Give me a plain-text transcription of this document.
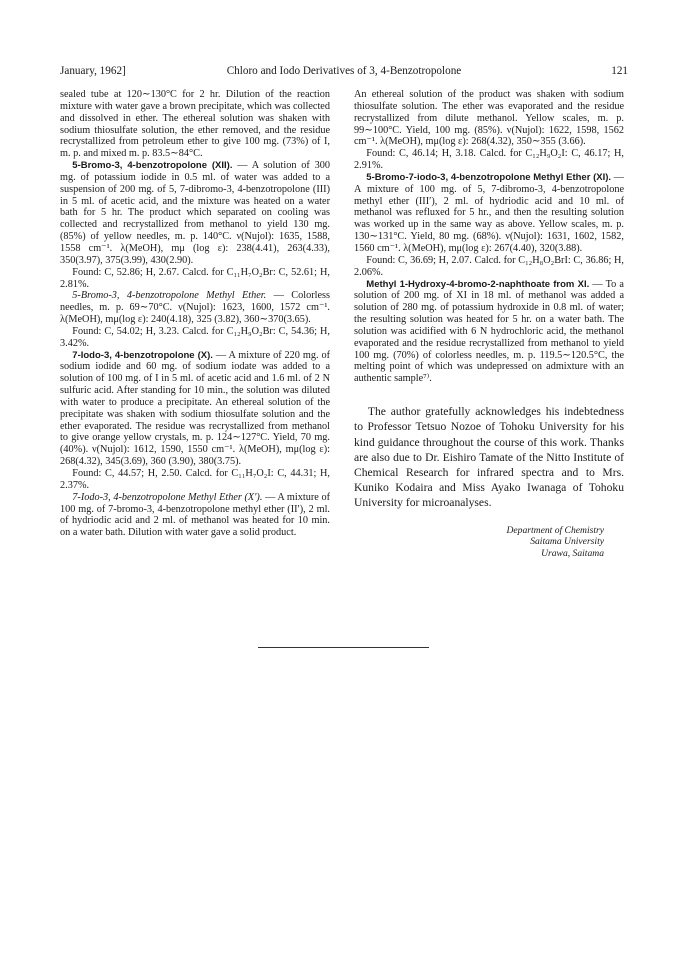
January, 1962]	Chloro and Iodo Derivatives of 3, 4-Benzotropolone	121

sealed tube at 120∼130°C for 2 hr. Dilution of the reaction mixture with water gave a brown precipitate, which was collected and dissolved in ether. The ethereal solution was shaken with sodium thiosulfate solution, the ether removed, and the residue recrystallized from petroleum ether to give 100 mg. (73%) of I, m. p. and mixed m. p. 83.5∼84°C.

5-Bromo-3, 4-benzotropolone (XII). — A solution of 300 mg. of potassium iodide in 0.5 ml. of water was added to a suspension of 200 mg. of 5, 7-dibromo-3, 4-benzotropolone (III) in 5 ml. of acetic acid, and the mixture was heated on a water bath for 5 hr. The product which separated on cooling was collected and recrystallized from methanol to yield 130 mg. (85%) of yellow needles, m. p. 140°C. ν(Nujol): 1635, 1588, 1558 cm⁻¹. λ(MeOH), mμ (log ε): 238(4.41), 263(4.33), 350(3.97), 375(3.99), 430(2.90).

Found: C, 52.86; H, 2.67. Calcd. for C₁₁H₇O₂Br: C, 52.61; H, 2.81%.

5-Bromo-3, 4-benzotropolone Methyl Ether. — Colorless needles, m. p. 69∼70°C. ν(Nujol): 1623, 1600, 1572 cm⁻¹. λ(MeOH), mμ(log ε): 240(4.18), 325 (3.82), 360∼370(3.65).

Found: C, 54.02; H, 3.23. Calcd. for C₁₂H₉O₂Br: C, 54.36; H, 3.42%.

7-Iodo-3, 4-benzotropolone (X). — A mixture of 220 mg. of sodium iodide and 60 mg. of sodium iodate was added to a solution of 100 mg. of I in 5 ml. of acetic acid and 1.6 ml. of 2 N sulfuric acid. After standing for 10 min., the solution was diluted with water to produce a precipitate. An ethereal solution of the precipitate was shaken with sodium thiosulfate solution and the ether evaporated. The residue was recrystallized from methanol to give orange yellow crystals, m. p. 124∼127°C. Yield, 70 mg. (40%). ν(Nujol): 1612, 1590, 1550 cm⁻¹. λ(MeOH), mμ(log ε): 268(4.32), 345(3.69), 360 (3.90), 380(3.75).

Found: C, 44.57; H, 2.50. Calcd. for C₁₁H₇O₂I: C, 44.31; H, 2.37%.

7-Iodo-3, 4-benzotropolone Methyl Ether (X′). — A mixture of 100 mg. of 7-bromo-3, 4-benzotropolone methyl ether (II′), 2 ml. of hydriodic acid and 2 ml. of methanol was heated for 10 min. on a water bath. Dilution with water gave a solid product.

An ethereal solution of the product was shaken with sodium thiosulfate solution. The ether was evaporated and the residue recrystallized from dilute methanol. Yellow scales, m. p. 99∼100°C. Yield, 100 mg. (85%). ν(Nujol): 1622, 1598, 1562 cm⁻¹. λ(MeOH), mμ(log ε): 268(4.32), 350∼355 (3.66).

Found: C, 46.14; H, 3.18. Calcd. for C₁₂H₉O₂I: C, 46.17; H, 2.91%.

5-Bromo-7-iodo-3, 4-benzotropolone Methyl Ether (XI). — A mixture of 100 mg. of 5, 7-dibromo-3, 4-benzotropolone methyl ether (III′), 2 ml. of hydriodic acid and 10 ml. of methanol was refluxed for 5 hr., and then the resulting solution was worked up in the same way as above. Yellow scales, m. p. 130∼131°C. Yield, 80 mg. (68%). ν(Nujol): 1631, 1602, 1582, 1560 cm⁻¹. λ(MeOH), mμ(log ε): 267(4.40), 320(3.88).

Found: C, 36.69; H, 2.07. Calcd. for C₁₂H₈O₂BrI: C, 36.86; H, 2.06%.

Methyl 1-Hydroxy-4-bromo-2-naphthoate from XI. — To a solution of 200 mg. of XI in 18 ml. of methanol was added a solution of 280 mg. of potassium hydroxide in 0.8 ml. of water; the resulting solution was heated for 5 hr. on a water bath. The solution was acidified with 6 N hydrochloric acid, the methanol evaporated and the residue recrystallized from methanol to yield 100 mg. (70%) of colorless needles, m. p. 119.5∼120.5°C, the melting point of which was undepressed on admixture with an authentic sample⁷⁾.

The author gratefully acknowledges his indebtedness to Professor Tetsuo Nozoe of Tohoku University for his kind guidance throughout the course of this work. Thanks are also due to Dr. Eishiro Tamate of the Nitto Institute of Chemical Research for infrared spectra and to Mrs. Kuniko Kodaira and Miss Ayako Iwanaga of Tohoku University for microanalyses.

Department of Chemistry
Saitama University
Urawa, Saitama
